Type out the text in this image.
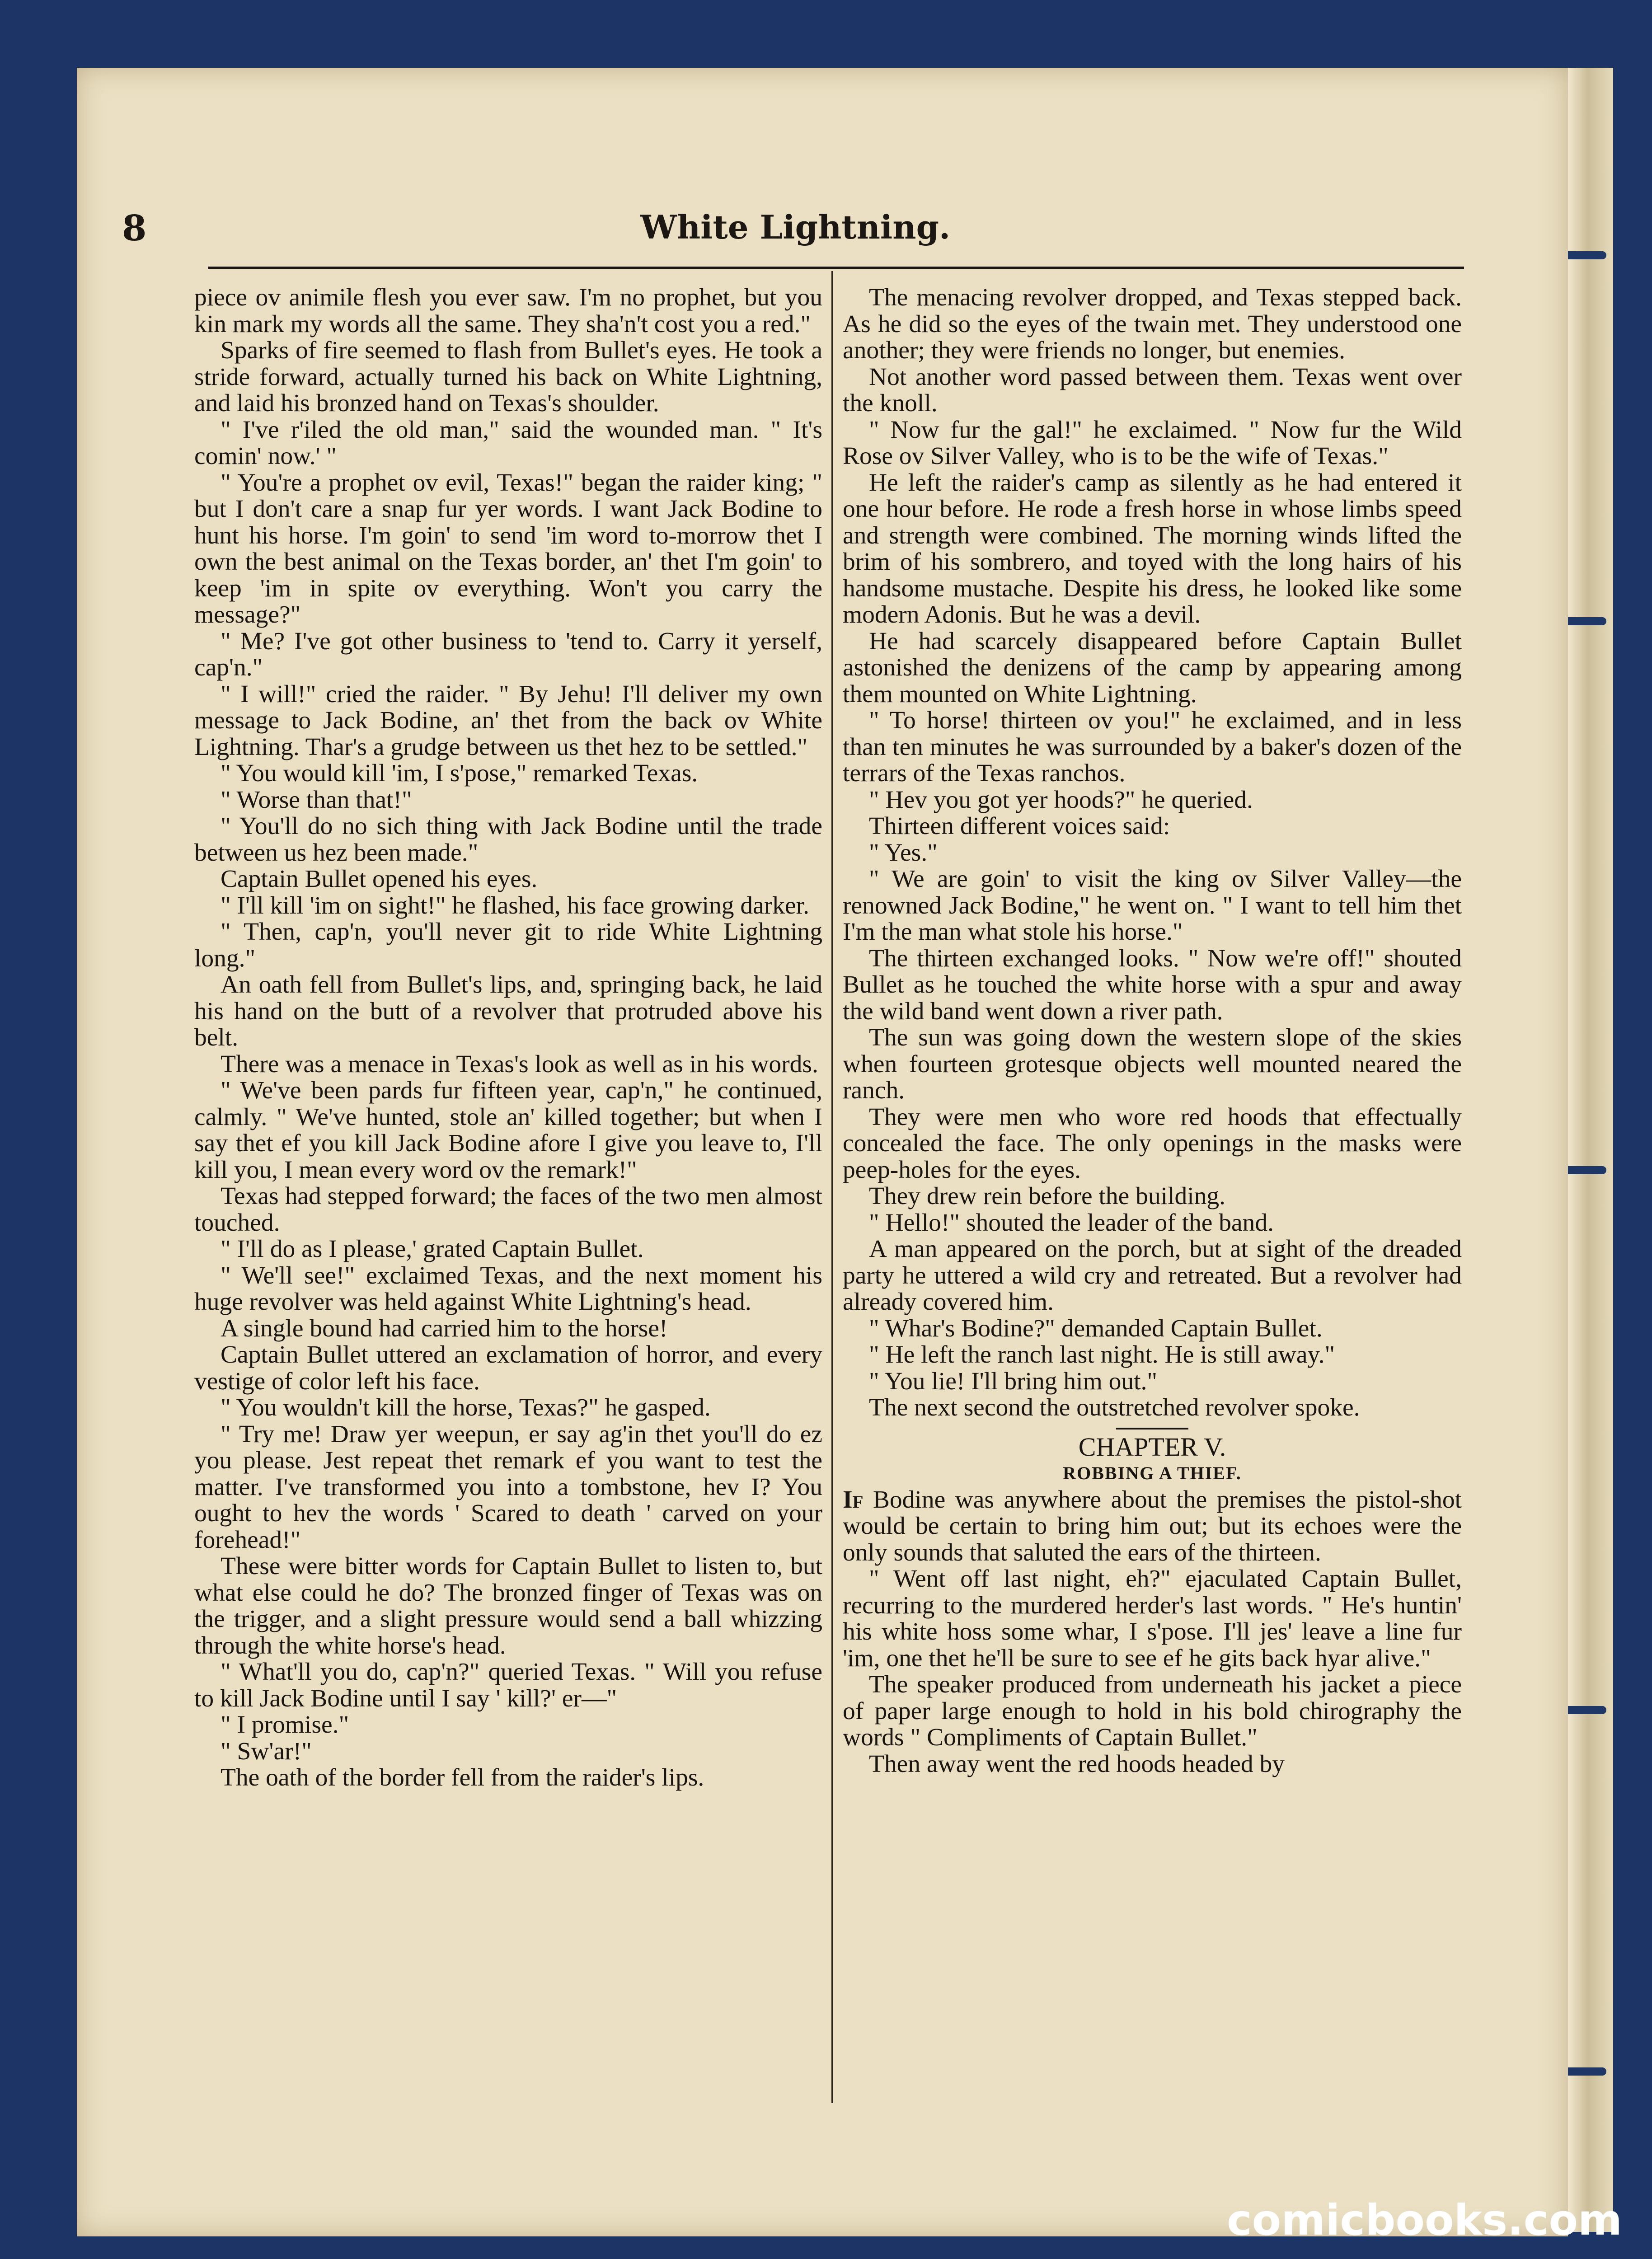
8	White Lightning.

piece ov animile flesh you ever saw. I'm no prophet, but you kin mark my words all the same. They sha'n't cost you a red."

Sparks of fire seemed to flash from Bullet's eyes. He took a stride forward, actually turned his back on White Lightning, and laid his bronzed hand on Texas's shoulder.

" I've r'iled the old man," said the wounded man. " It's comin' now.' "

" You're a prophet ov evil, Texas!" began the raider king; " but I don't care a snap fur yer words. I want Jack Bodine to hunt his horse. I'm goin' to send 'im word to-morrow thet I own the best animal on the Texas border, an' thet I'm goin' to keep 'im in spite ov everything. Won't you carry the message?"

" Me? I've got other business to 'tend to. Carry it yerself, cap'n."

" I will!" cried the raider. " By Jehu! I'll deliver my own message to Jack Bodine, an' thet from the back ov White Lightning. Thar's a grudge between us thet hez to be settled."

" You would kill 'im, I s'pose," remarked Texas.

" Worse than that!"

" You'll do no sich thing with Jack Bodine until the trade between us hez been made."

Captain Bullet opened his eyes.

" I'll kill 'im on sight!" he flashed, his face growing darker.

" Then, cap'n, you'll never git to ride White Lightning long."

An oath fell from Bullet's lips, and, springing back, he laid his hand on the butt of a revolver that protruded above his belt.

There was a menace in Texas's look as well as in his words.

" We've been pards fur fifteen year, cap'n," he continued, calmly. " We've hunted, stole an' killed together; but when I say thet ef you kill Jack Bodine afore I give you leave to, I'll kill you, I mean every word ov the remark!"

Texas had stepped forward; the faces of the two men almost touched.

" I'll do as I please,' grated Captain Bullet.

" We'll see!" exclaimed Texas, and the next moment his huge revolver was held against White Lightning's head.

A single bound had carried him to the horse!

Captain Bullet uttered an exclamation of horror, and every vestige of color left his face.

" You wouldn't kill the horse, Texas?" he gasped.

" Try me! Draw yer weepun, er say ag'in thet you'll do ez you please. Jest repeat thet remark ef you want to test the matter. I've transformed you into a tombstone, hev I? You ought to hev the words ' Scared to death ' carved on your forehead!"

These were bitter words for Captain Bullet to listen to, but what else could he do? The bronzed finger of Texas was on the trigger, and a slight pressure would send a ball whizzing through the white horse's head.

" What'll you do, cap'n?" queried Texas. " Will you refuse to kill Jack Bodine until I say ' kill?' er—"

" I promise."

" Sw'ar!"

The oath of the border fell from the raider's lips.

The menacing revolver dropped, and Texas stepped back. As he did so the eyes of the twain met. They understood one another; they were friends no longer, but enemies.

Not another word passed between them. Texas went over the knoll.

" Now fur the gal!" he exclaimed. " Now fur the Wild Rose ov Silver Valley, who is to be the wife of Texas."

He left the raider's camp as silently as he had entered it one hour before. He rode a fresh horse in whose limbs speed and strength were combined. The morning winds lifted the brim of his sombrero, and toyed with the long hairs of his handsome mustache. Despite his dress, he looked like some modern Adonis. But he was a devil.

He had scarcely disappeared before Captain Bullet astonished the denizens of the camp by appearing among them mounted on White Lightning.

" To horse! thirteen ov you!" he exclaimed, and in less than ten minutes he was surrounded by a baker's dozen of the terrars of the Texas ranchos.

" Hev you got yer hoods?" he queried.

Thirteen different voices said:

" Yes."

" We are goin' to visit the king ov Silver Valley—the renowned Jack Bodine," he went on. " I want to tell him thet I'm the man what stole his horse."

The thirteen exchanged looks. " Now we're off!" shouted Bullet as he touched the white horse with a spur and away the wild band went down a river path.

The sun was going down the western slope of the skies when fourteen grotesque objects well mounted neared the ranch.

They were men who wore red hoods that effectually concealed the face. The only openings in the masks were peep-holes for the eyes.

They drew rein before the building.

" Hello!" shouted the leader of the band.

A man appeared on the porch, but at sight of the dreaded party he uttered a wild cry and retreated. But a revolver had already covered him.

" Whar's Bodine?" demanded Captain Bullet.

" He left the ranch last night. He is still away."

" You lie! I'll bring him out."

The next second the outstretched revolver spoke.

CHAPTER V.

ROBBING A THIEF.

If Bodine was anywhere about the premises the pistol-shot would be certain to bring him out; but its echoes were the only sounds that saluted the ears of the thirteen.

" Went off last night, eh?" ejaculated Captain Bullet, recurring to the murdered herder's last words. " He's huntin' his white hoss some whar, I s'pose. I'll jes' leave a line fur 'im, one thet he'll be sure to see ef he gits back hyar alive."

The speaker produced from underneath his jacket a piece of paper large enough to hold in his bold chirography the words " Compliments of Captain Bullet."

Then away went the red hoods headed by

comicbooks.com
